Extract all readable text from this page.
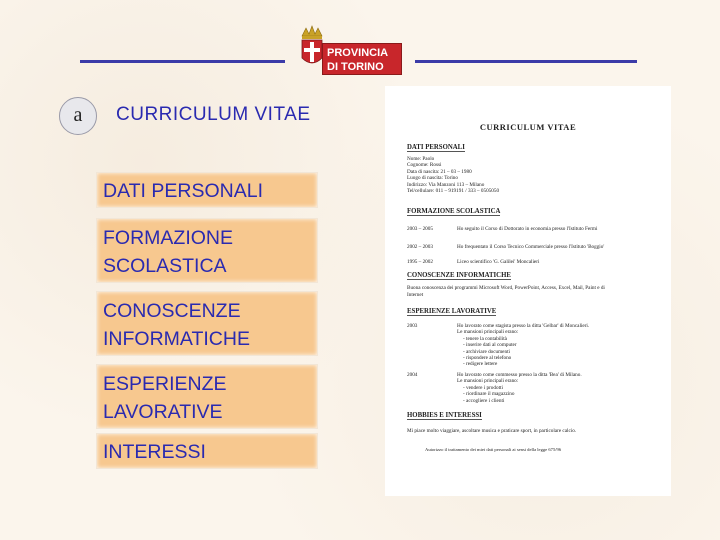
PROVINCIA
DI TORINO
a	CURRICULUM VITAE
DATI PERSONALI
FORMAZIONE SCOLASTICA
CONOSCENZE INFORMATICHE
ESPERIENZE LAVORATIVE
INTERESSI
CURRICULUM VITAE
DATI PERSONALI
Nome: Paolo
Cognome: Rossi
Data di nascita: 21 – 03 – 1980
Luogo di nascita: Torino
Indirizzo: Via Manzoni 113 – Milano
Tel/cellulare: 011 – 919191 / 333 – 0505050
FORMAZIONE SCOLASTICA
2003 – 2005	Ho seguito il Corso di Dottorato in economia presso l'Istituto Fermi
2002 – 2003	Ho frequentato il Corso Tecnico Commerciale presso l'Istituto 'Boggio'
1995 – 2002	Liceo scientifico 'G. Galilei' Moncalieri
CONOSCENZE INFORMATICHE
Buona conoscenza dei programmi Microsoft Word, PowerPoint, Access, Excel, Mail, Paint e di
Internet
ESPERIENZE LAVORATIVE
2003	Ho lavorato come stagista presso la ditta 'Gelbar' di Moncalieri.
Le mansioni principali erano:
- tenere la contabilità
- inserire dati al computer
- archiviare documenti
- rispondere al telefono
- redigere lettere
2004	Ho lavorato come commesso presso la ditta 'Bea' di Milano.
Le mansioni principali erano:
- vendere i prodotti
- riordinare il magazzino
- accogliere i clienti
HOBBIES E INTERESSI
Mi piace molto viaggiare, ascoltare musica e praticare sport, in particolare calcio.
Autorizzo il trattamento dei miei dati personali ai sensi della legge 675/96
